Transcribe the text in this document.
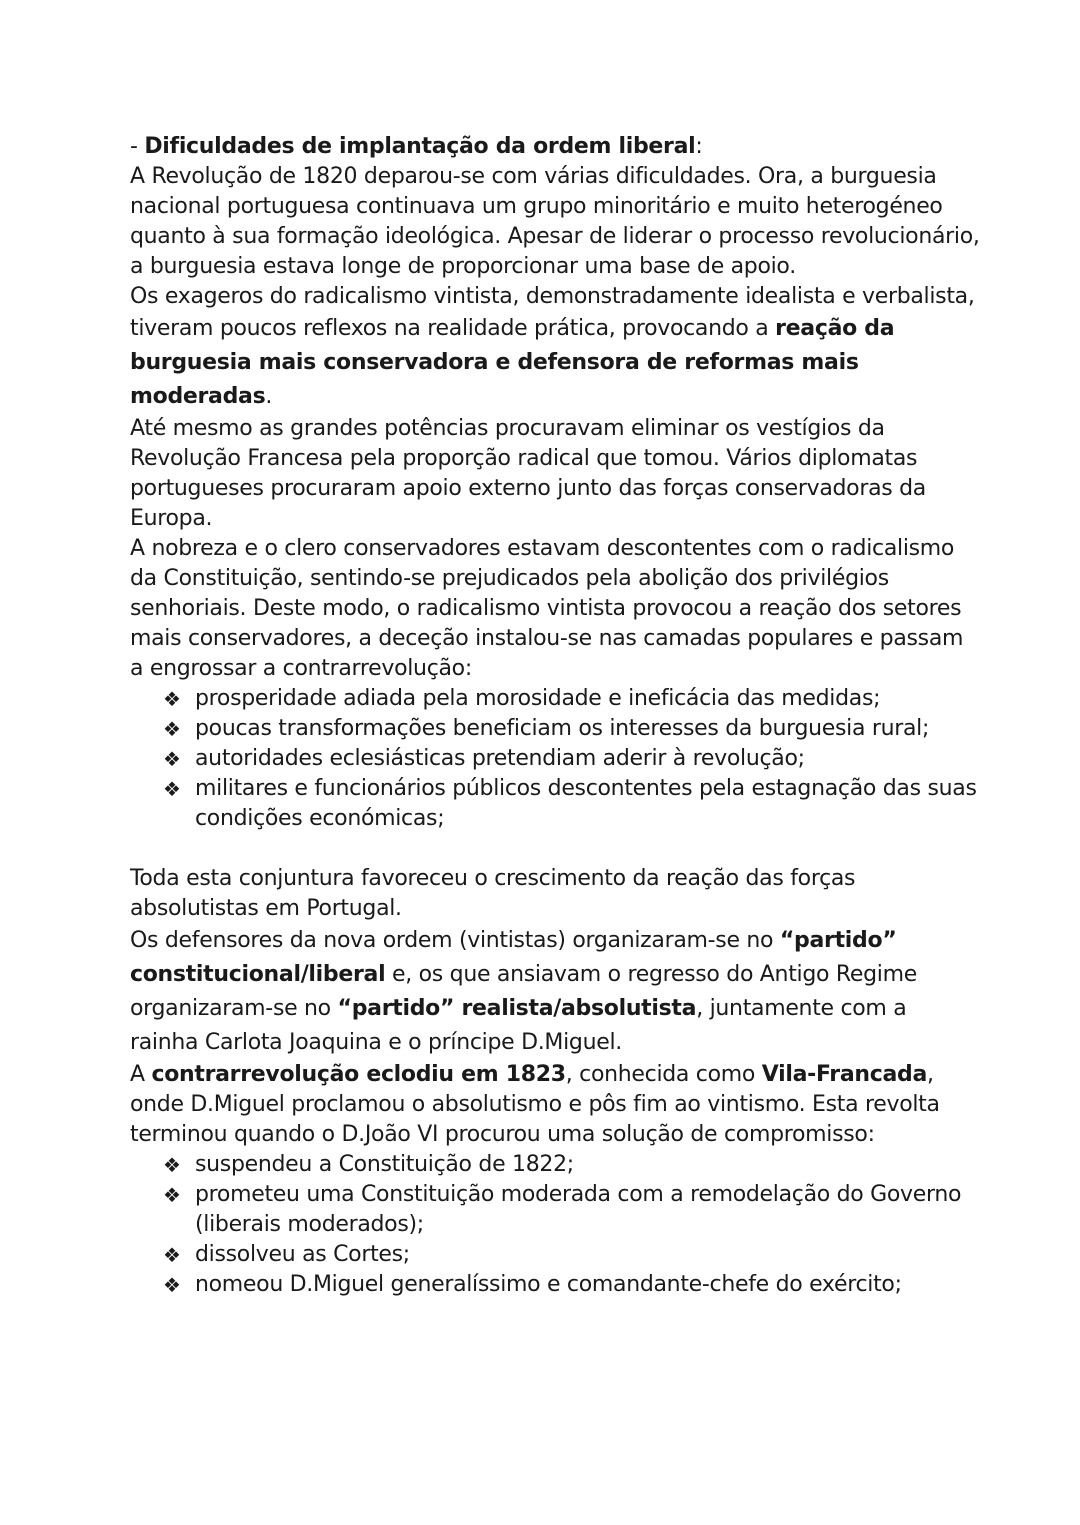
- Dificuldades de implantação da ordem liberal:

A Revolução de 1820 deparou-se com várias dificuldades. Ora, a burguesia nacional portuguesa continuava um grupo minoritário e muito heterogéneo quanto à sua formação ideológica. Apesar de liderar o processo revolucionário, a burguesia estava longe de proporcionar uma base de apoio.

Os exageros do radicalismo vintista, demonstradamente idealista e verbalista, tiveram poucos reflexos na realidade prática, provocando a reação da burguesia mais conservadora e defensora de reformas mais moderadas.

Até mesmo as grandes potências procuravam eliminar os vestígios da Revolução Francesa pela proporção radical que tomou. Vários diplomatas portugueses procuraram apoio externo junto das forças conservadoras da Europa.

A nobreza e o clero conservadores estavam descontentes com o radicalismo da Constituição, sentindo-se prejudicados pela abolição dos privilégios senhoriais. Deste modo, o radicalismo vintista provocou a reação dos setores mais conservadores, a deceção instalou-se nas camadas populares e passam a engrossar a contrarrevolução:

❖ prosperidade adiada pela morosidade e ineficácia das medidas;
❖ poucas transformações beneficiam os interesses da burguesia rural;
❖ autoridades eclesiásticas pretendiam aderir à revolução;
❖ militares e funcionários públicos descontentes pela estagnação das suas condições económicas;

Toda esta conjuntura favoreceu o crescimento da reação das forças absolutistas em Portugal.

Os defensores da nova ordem (vintistas) organizaram-se no “partido” constitucional/liberal e, os que ansiavam o regresso do Antigo Regime organizaram-se no “partido” realista/absolutista, juntamente com a rainha Carlota Joaquina e o príncipe D.Miguel.

A contrarrevolução eclodiu em 1823, conhecida como Vila-Francada, onde D.Miguel proclamou o absolutismo e pôs fim ao vintismo. Esta revolta terminou quando o D.João VI procurou uma solução de compromisso:

❖ suspendeu a Constituição de 1822;
❖ prometeu uma Constituição moderada com a remodelação do Governo (liberais moderados);
❖ dissolveu as Cortes;
❖ nomeou D.Miguel generalíssimo e comandante-chefe do exército;
